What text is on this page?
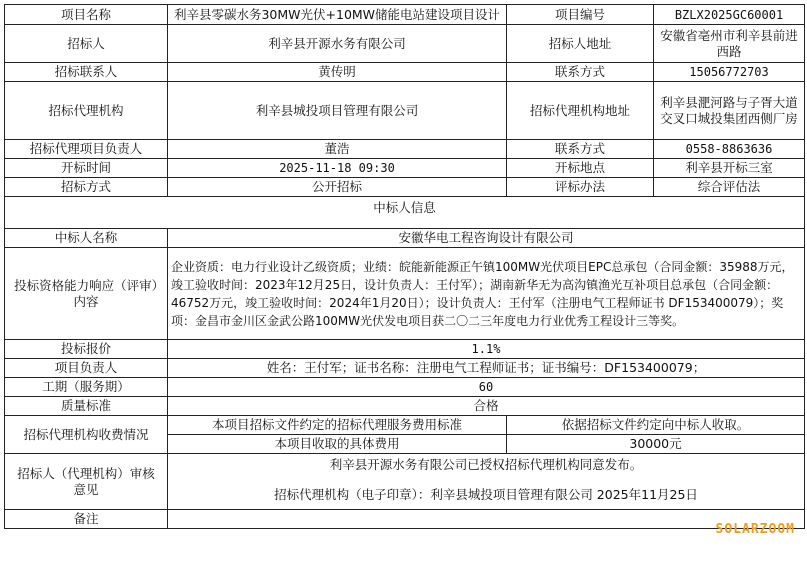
项目名称	利辛县零碳水务30MW光伏+10MW储能电站建设项目设计	项目编号	BZLX2025GC60001
招标人	利辛县开源水务有限公司	招标人地址	安徽省亳州市利辛县前进西路
招标联系人	黄传明	联系方式	15056772703
招标代理机构	利辛县城投项目管理有限公司	招标代理机构地址	利辛县淝河路与子胥大道交叉口城投集团西侧厂房
招标代理项目负责人	董浩	联系方式	0558-8863636
开标时间	2025-11-18 09:30	开标地点	利辛县开标三室
招标方式	公开招标	评标办法	综合评估法
中标人信息			
中标人名称	安徽华电工程咨询设计有限公司		
投标资格能力响应（评审）内容	企业资质：电力行业设计乙级资质；业绩：皖能新能源正午镇100MW光伏项目EPC总承包（合同金额：35988万元，竣工验收时间：2023年12月25日，设计负责人：王付军）；湖南新华无为高沟镇渔光互补项目总承包（合同金额：46752万元，竣工验收时间：2024年1月20日）；设计负责人：王付军（注册电气工程师证书 DF153400079）；奖项：金昌市金川区金武公路100MW光伏发电项目获二〇二三年度电力行业优秀工程设计三等奖。		
投标报价	1.1%		
项目负责人	姓名：王付军；证书名称：注册电气工程师证书；证书编号：DF153400079；		
工期（服务期）	60		
质量标准	合格		
招标代理机构收费情况	本项目招标文件约定的招标代理服务费用标准	依据招标文件约定向中标人收取。	
	本项目收取的具体费用	30000元	
招标人（代理机构）审核意见	利辛县开源水务有限公司已授权招标代理机构同意发布。
招标代理机构（电子印章）：利辛县城投项目管理有限公司 2025年11月25日		

备注			
SOLARZOOM
